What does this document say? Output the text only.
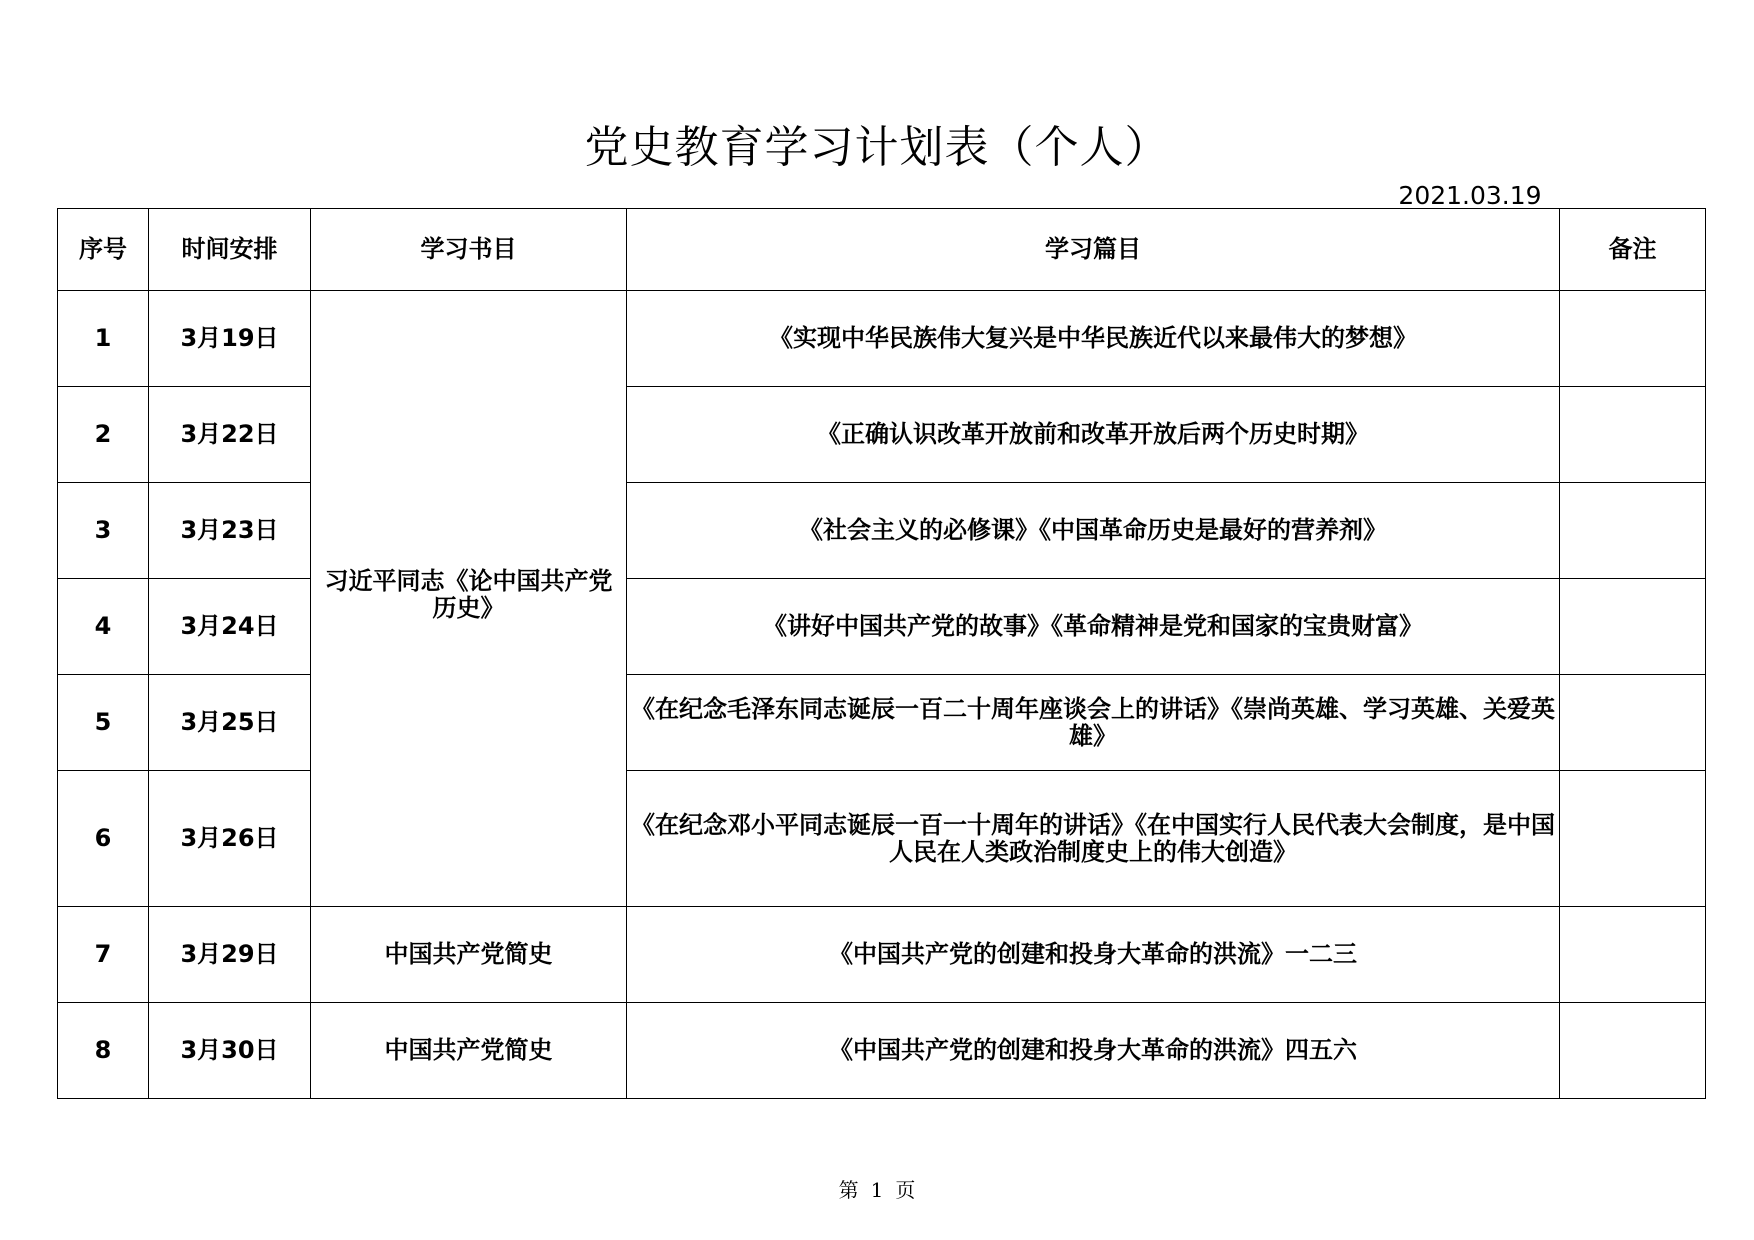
党史教育学习计划表（个人）
2021.03.19
序号	时间安排	学习书目	学习篇目	备注
1	3月19日	习近平同志《论中国共产党历史》	《实现中华民族伟大复兴是中华民族近代以来最伟大的梦想》	
2	3月22日		《正确认识改革开放前和改革开放后两个历史时期》	
3	3月23日		《社会主义的必修课》《中国革命历史是最好的营养剂》	
4	3月24日		《讲好中国共产党的故事》《革命精神是党和国家的宝贵财富》	
5	3月25日		《在纪念毛泽东同志诞辰一百二十周年座谈会上的讲话》《崇尚英雄、学习英雄、关爱英雄》	
6	3月26日		《在纪念邓小平同志诞辰一百一十周年的讲话》《在中国实行人民代表大会制度，是中国人民在人类政治制度史上的伟大创造》	
7	3月29日	中国共产党简史	《中国共产党的创建和投身大革命的洪流》一二三	
8	3月30日	中国共产党简史	《中国共产党的创建和投身大革命的洪流》四五六	
第 1 页
